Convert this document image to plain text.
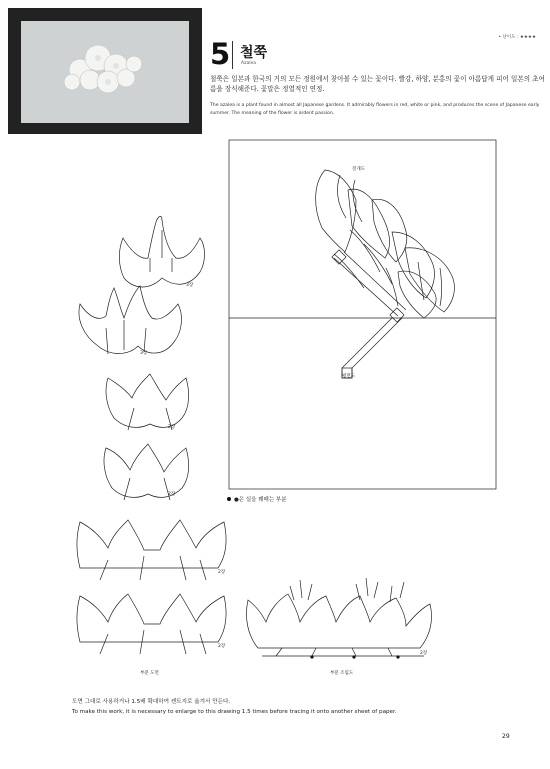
• 난이도 : ★★★★
5 철쭉
Azalea
철쭉은 일본과 한국의 거의 모든 정원에서 찾아볼 수 있는 꽃이다. 빨강, 하양, 분홍의 꽃이 아름답게 피어 일본의 초여름을 장식해준다. 꽃말은 정열적인 연정.
The azalea is a plant found in almost all Japanese gardens. It admirably flowers in red, white or pink, and produces the scene of Japanese early summer. The meaning of the flower is ardent passion.
전개도
평면도
●은 실을 꿰매는 부분
3장
3장
2장
2장
2장
2장
2장
부분 도면	부분 조립도
도면 그대로 사용하거나 1.5배 확대하여 켄트지로 옮겨서 만든다.
To make this work, it is necessary to enlarge to this drawing 1.5 times before tracing it onto another sheet of paper.
29
